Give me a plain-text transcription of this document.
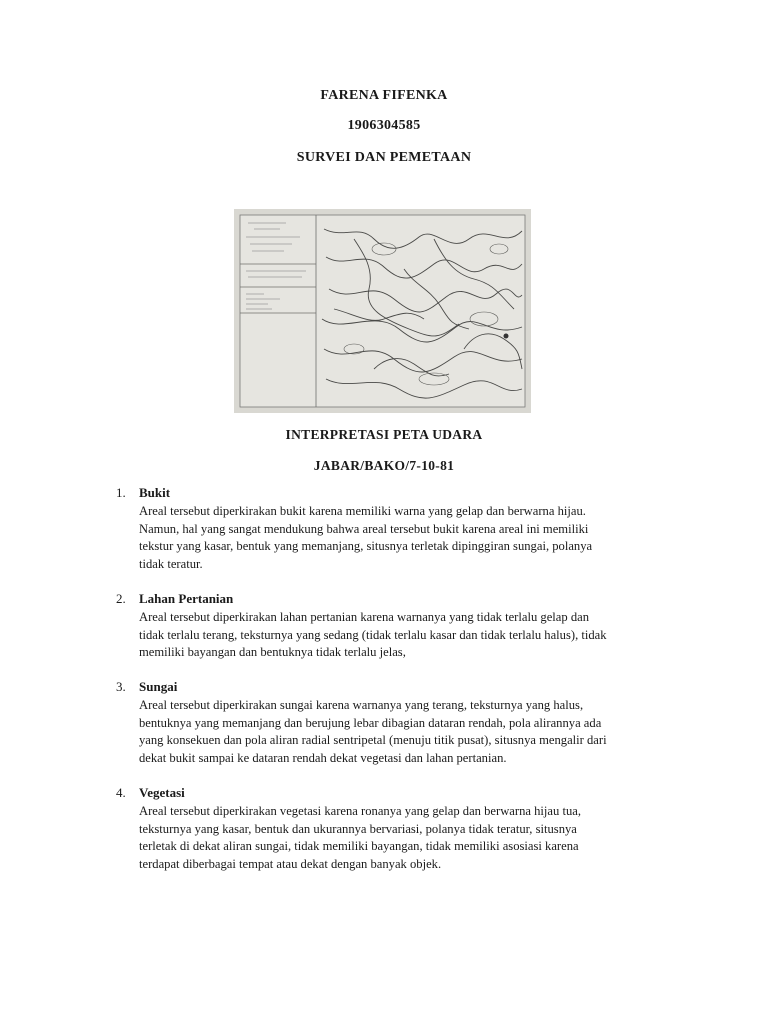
FARENA FIFENKA
1906304585
SURVEI DAN PEMETAAN
INTERPRETASI PETA UDARA
JABAR/BAKO/7-10-81
1. Bukit
Areal tersebut diperkirakan bukit karena memiliki warna yang gelap dan berwarna hijau.
Namun, hal yang sangat mendukung bahwa areal tersebut bukit karena areal ini memiliki
tekstur yang kasar, bentuk yang memanjang, situsnya terletak dipinggiran sungai, polanya
tidak teratur.
2. Lahan Pertanian
Areal tersebut diperkirakan lahan pertanian karena warnanya yang tidak terlalu gelap dan
tidak terlalu terang, teksturnya yang sedang (tidak terlalu kasar dan tidak terlalu halus), tidak
memiliki bayangan dan bentuknya tidak terlalu jelas,
3. Sungai
Areal tersebut diperkirakan sungai karena warnanya yang terang, teksturnya yang halus,
bentuknya yang memanjang dan berujung lebar dibagian dataran rendah, pola alirannya ada
yang konsekuen dan pola aliran radial sentripetal (menuju titik pusat), situsnya mengalir dari
dekat bukit sampai ke dataran rendah dekat vegetasi dan lahan pertanian.
4. Vegetasi
Areal tersebut diperkirakan vegetasi karena ronanya yang gelap dan berwarna hijau tua,
teksturnya yang kasar, bentuk dan ukurannya bervariasi, polanya tidak teratur, situsnya
terletak di dekat aliran sungai, tidak memiliki bayangan, tidak memiliki asosiasi karena
terdapat diberbagai tempat atau dekat dengan banyak objek.
